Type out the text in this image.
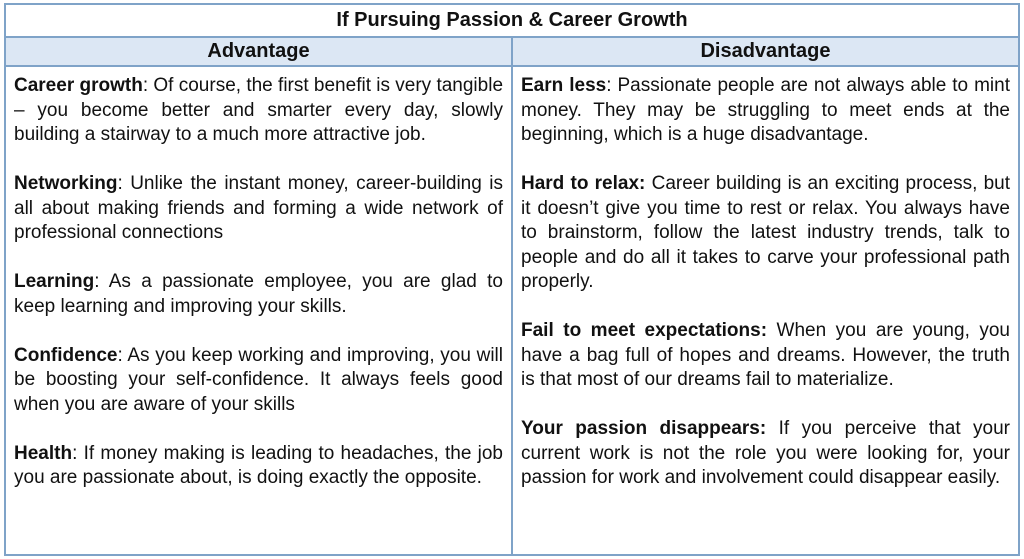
If Pursuing Passion & Career Growth
Advantage	Disadvantage

Career growth: Of course, the first benefit is very tangible – you become better and smarter every day, slowly building a stairway to a much more attractive job.

Networking: Unlike the instant money, career-building is all about making friends and forming a wide network of professional connections

Learning: As a passionate employee, you are glad to keep learning and improving your skills.

Confidence: As you keep working and improving, you will be boosting your self-confidence. It always feels good when you are aware of your skills

Health: If money making is leading to headaches, the job you are passionate about, is doing exactly the opposite.

Earn less: Passionate people are not always able to mint money. They may be struggling to meet ends at the beginning, which is a huge disadvantage.

Hard to relax: Career building is an exciting process, but it doesn’t give you time to rest or relax. You always have to brainstorm, follow the latest industry trends, talk to people and do all it takes to carve your professional path properly.

Fail to meet expectations: When you are young, you have a bag full of hopes and dreams. However, the truth is that most of our dreams fail to materialize.

Your passion disappears: If you perceive that your current work is not the role you were looking for, your passion for work and involvement could disappear easily.
